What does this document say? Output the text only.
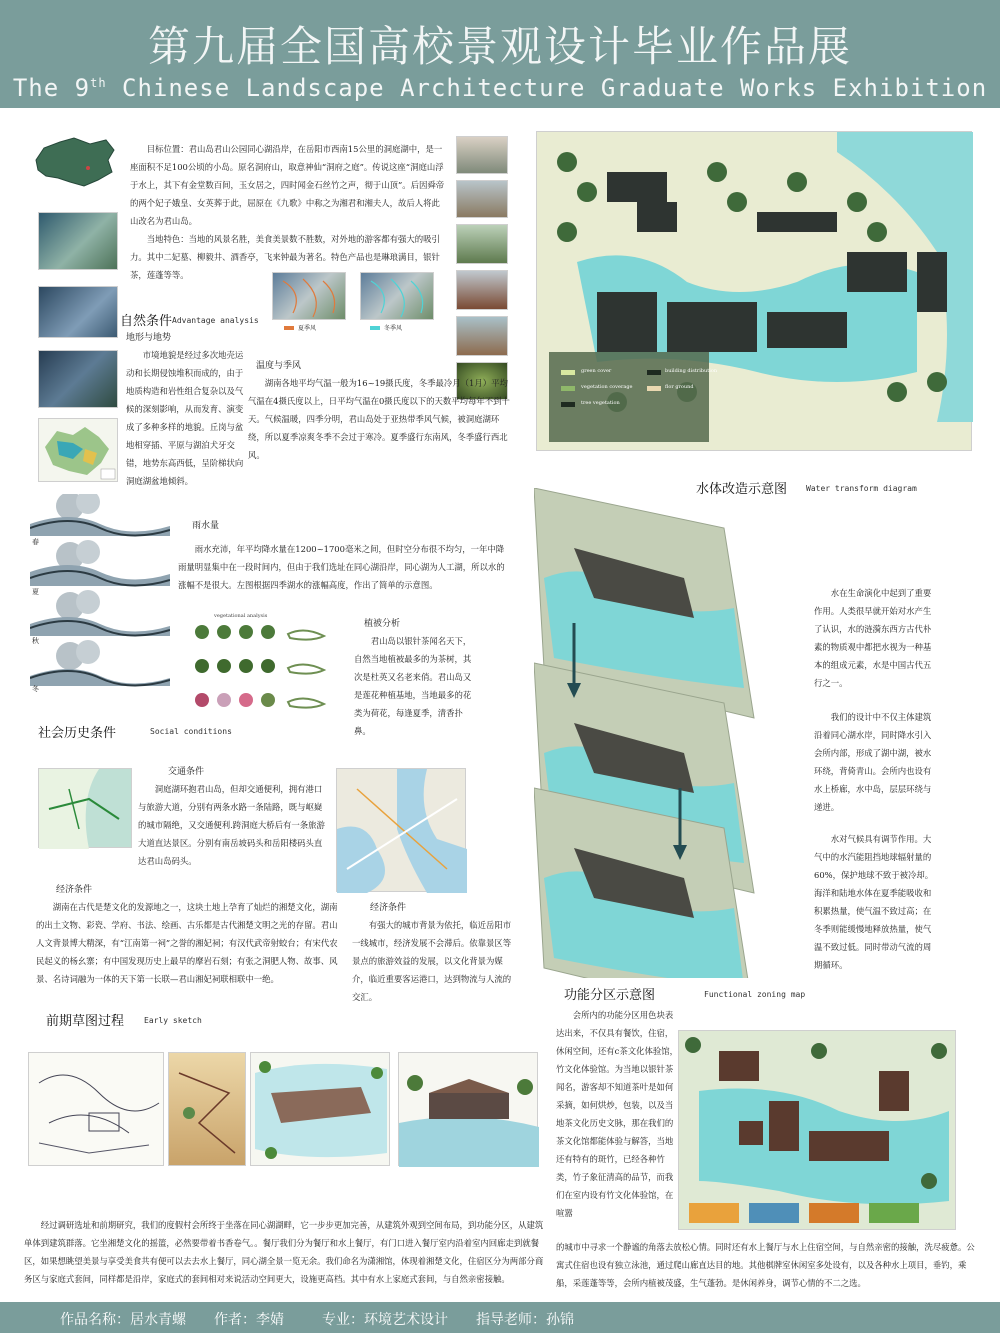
第九届全国高校景观设计毕业作品展
The 9th Chinese Landscape Architecture Graduate Works Exhibition
目标位置：君山岛君山公园同心湖沿岸，在岳阳市西南15公里的洞庭湖中，是一座面积不足100公顷的小岛。原名洞府山，取意神仙“洞府之庭”。传说这座“洞庭山浮于水上，其下有金堂数百间，玉女居之，四时闻金石丝竹之声，彻于山顶”。后因舜帝的两个妃子娥皇、女英葬于此，屈原在《九歌》中称之为湘君和湘夫人，故后人将此山改名为君山岛。
当地特色：当地的风景名胜，美食美景数不胜数，对外地的游客都有强大的吸引力。其中二妃墓、柳毅井、酒香亭，飞来钟最为著名。特色产品也是琳琅满目，银针茶，莲蓬等等。
夏季风	冬季风
自然条件 Advantage analysis
地形与地势
市境地貌是经过多次地壳运动和长期侵蚀堆积而成的，由于地质构造和岩性组合复杂以及气候的深刻影响，从而发育、演变成了多种多样的地貌。丘岗与盆地相穿插、平原与湖泊犬牙交错，地势东高西低，呈阶梯状向洞庭湖盆地倾斜。
温度与季风
湖南各地平均气温一般为16~19摄氏度，冬季最冷月（1月）平均气温在4摄氏度以上，日平均气温在0摄氏度以下的天数平均每年不到十天。气候温暖，四季分明，君山岛处于亚热带季风气候，被洞庭湖环绕，所以夏季凉爽冬季不会过于寒冷。夏季盛行东南风，冬季盛行西北风。
春
夏
秋
冬
雨水量
雨水充沛，年平均降水量在1200~1700毫米之间，但时空分布很不均匀，一年中降雨量明显集中在一段时间内，但由于我们选址在同心湖沿岸，同心湖为人工湖，所以水的涨幅不是很大。左图根据四季湖水的涨幅高度，作出了简单的示意图。
vegetational analysis
植被分析
君山岛以银针茶闻名天下，自然当地植被最多的为茶树，其次是杜英又名老来俏。君山岛又是莲花种植基地，当地最多的花类为荷花，每逢夏季，清香扑鼻。
社会历史条件	Social conditions
交通条件
洞庭湖环抱君山岛，但却交通便利，拥有港口与旅游大道，分别有两条水路一条陆路，既与岖嶷的城市隔绝，又交通便利.跨洞庭大桥后有一条旅游大道直达景区。分别有南岳坡码头和岳阳楼码头直达君山岛码头。
经济条件
湖南在古代是楚文化的发源地之一，这块土地上孕育了灿烂的湘楚文化，湖南的出土文物、彩瓷、学府、书法、绘画、古乐都是古代湘楚文明之光的存留。君山人文背景博大精深，有“江南第一祠”之誉的湘妃祠；有汉代武帝射蛟台；有宋代农民起义的杨幺寨；有中国发现历史上最早的摩岩石刻；有张之洞肥人物、故事、风景、名诗词融为一体的天下第一长联—君山湘妃祠联相联中一绝。
经济条件
有强大的城市背景为依托，临近岳阳市一线城市，经济发展不会滞后。依靠景区等景点的旅游效益的发展，以文化背景为媒介，临近重要客运港口，达到物流与人流的交汇。
前期草图过程 Early sketch
经过调研选址和前期研究，我们的度假村会所终于坐落在同心湖湖畔，它一步步更加完善，从建筑外观到空间布局，到功能分区，从建筑单体到建筑群落。它坐湘楚文化的摇篮，必然要带着书香卷气。。餐厅我们分为餐厅和水上餐厅，有门口进入餐厅室内沿着室内回廊走到就餐区，如果想眺望美景与享受美食共有便可以去去水上餐厅，同心湖全景一览无余。我们命名为潇湘馆，体现着湘楚文化，住宿区分为两部分商务区与家庭式套间，同样都是沿岸，家庭式的套间相对来说活动空间更大，设施更高档。其中有水上家庭式套间，与自然亲密接触。
green cover
vegetation coverage
tree vegetation
building distribution
flor ground
水体改造示意图 Water transform diagram
水在生命演化中起到了重要作用。人类很早就开始对水产生了认识，水的涟漪东西方古代朴素的物质观中都把水视为一种基本的组成元素，水是中国古代五行之一。
我们的设计中不仅主体建筑沿着同心湖水岸，同时降水引入会所内部，形成了湖中湖，被水环绕，背倚青山。会所内也设有水上桥廊，水中岛，层层环绕与递进。
水对气候具有调节作用。大气中的水汽能阻挡地球辐射量的60%，保护地球不致于被冷却。海洋和陆地水体在夏季能吸收和积累热量，使气温不致过高；在冬季则能缓慢地释放热量，使气温不致过低。同时带动气流的周期循环。
功能分区示意图	Functional zoning map
会所内的功能分区用色块表达出来，不仅具有餐饮，住宿，休闲空间，还有c茶文化体验馆，竹文化体验馆。为当地以银针茶闻名，游客却不知道茶叶是如何采摘，如何烘炒，包装，以及当地茶文化历史文脉，那在我们的茶文化馆都能体验与解答，当地还有特有的斑竹，已经各种竹类，竹子象征清高的品节，而我们在室内设有竹文化体验馆，在喧嚣
的城市中寻求一个静谧的角落去放松心情。同时还有水上餐厅与水上住宿空间，与自然亲密的接触，洗尽疲惫。公寓式住宿也设有独立泳池，通过爬山廊直达目的地。其他棋牌室休闲室多处设有，以及各种水上项目，垂钓，乘船，采莲蓬等等，会所内植被茂盛，生气蓬勃。是休闲养身，调节心情的不二之选。
作品名称：居水青螺 作者：李婧	专业：环境艺术设计 指导老师：孙锦
